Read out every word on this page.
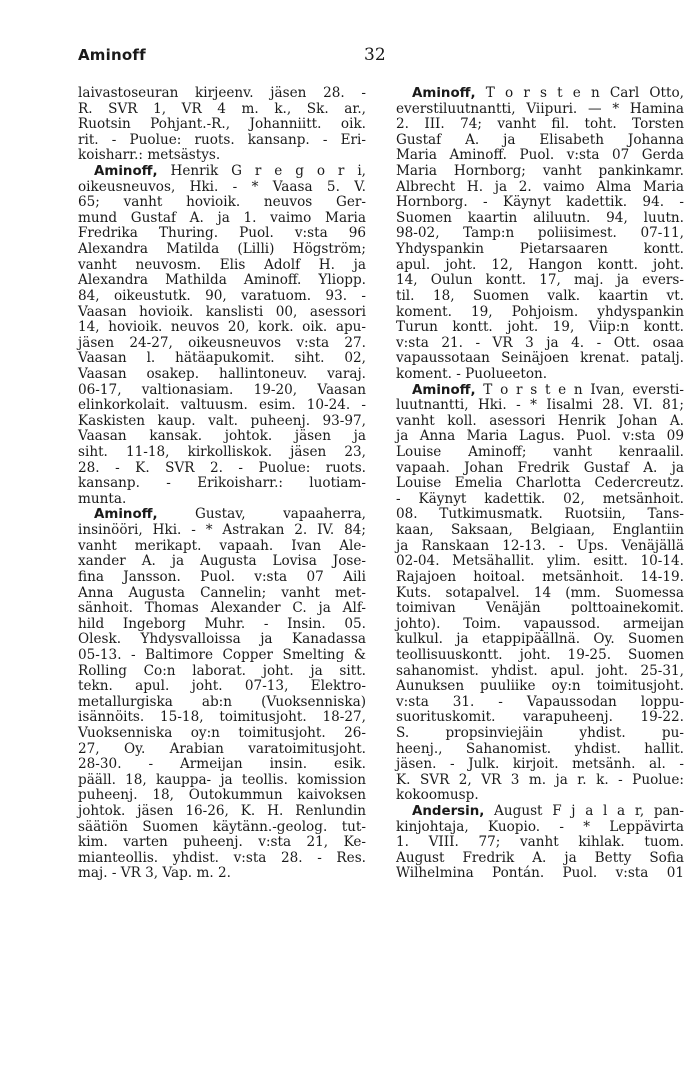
Aminoff	32
laivastoseuran kirjeenv. jäsen 28. -
R. SVR 1, VR 4 m. k., Sk. ar.,
Ruotsin Pohjant.-R., Johanniitt. oik.
rit. - Puolue: ruots. kansanp. - Eri-
koisharr.: metsästys.
Aminoff, Henrik G r e g o r i,
oikeusneuvos, Hki. - * Vaasa 5. V.
65; vanht hovioik. neuvos Ger-
mund Gustaf A. ja 1. vaimo Maria
Fredrika Thuring. Puol. v:sta 96
Alexandra Matilda (Lilli) Högström;
vanht neuvosm. Elis Adolf H. ja
Alexandra Mathilda Aminoff. Yliopp.
84, oikeustutk. 90, varatuom. 93. -
Vaasan hovioik. kanslisti 00, asessori
14, hovioik. neuvos 20, kork. oik. apu-
jäsen 24-27, oikeusneuvos v:sta 27.
Vaasan l. hätäapukomit. siht. 02,
Vaasan osakep. hallintoneuv. varaj.
06-17, valtionasiam. 19-20, Vaasan
elinkorkolait. valtuusm. esim. 10-24. -
Kaskisten kaup. valt. puheenj. 93-97,
Vaasan kansak. johtok. jäsen ja
siht. 11-18, kirkolliskok. jäsen 23,
28. - K. SVR 2. - Puolue: ruots.
kansanp. - Erikoisharr.: luotiam-
munta.
Aminoff, Gustav, vapaaherra,
insinööri, Hki. - * Astrakan 2. IV. 84;
vanht merikapt. vapaah. Ivan Ale-
xander A. ja Augusta Lovisa Jose-
fina Jansson. Puol. v:sta 07 Aili
Anna Augusta Cannelin; vanht met-
sänhoit. Thomas Alexander C. ja Alf-
hild Ingeborg Muhr. - Insin. 05.
Olesk. Yhdysvalloissa ja Kanadassa
05-13. - Baltimore Copper Smelting &
Rolling Co:n laborat. joht. ja sitt.
tekn. apul. joht. 07-13, Elektro-
metallurgiska ab:n (Vuoksenniska)
isännöits. 15-18, toimitusjoht. 18-27,
Vuoksenniska oy:n toimitusjoht. 26-
27, Oy. Arabian varatoimitusjoht.
28-30. - Armeijan insin. esik.
pääll. 18, kauppa- ja teollis. komission
puheenj. 18, Outokummun kaivoksen
johtok. jäsen 16-26, K. H. Renlundin
säätiön Suomen käytänn.-geolog. tut-
kim. varten puheenj. v:sta 21, Ke-
mianteollis. yhdist. v:sta 28. - Res.
maj. - VR 3, Vap. m. 2.
Aminoff, T o r s t e n Carl Otto,
everstiluutnantti, Viipuri. — * Hamina
2. III. 74; vanht fil. toht. Torsten
Gustaf A. ja Elisabeth Johanna
Maria Aminoff. Puol. v:sta 07 Gerda
Maria Hornborg; vanht pankinkamr.
Albrecht H. ja 2. vaimo Alma Maria
Hornborg. - Käynyt kadettik. 94. -
Suomen kaartin aliluutn. 94, luutn.
98-02, Tamp:n poliisimest. 07-11,
Yhdyspankin Pietarsaaren kontt.
apul. joht. 12, Hangon kontt. joht.
14, Oulun kontt. 17, maj. ja evers-
til. 18, Suomen valk. kaartin vt.
koment. 19, Pohjoism. yhdyspankin
Turun kontt. joht. 19, Viip:n kontt.
v:sta 21. - VR 3 ja 4. - Ott. osaa
vapaussotaan Seinäjoen krenat. patalj.
koment. - Puolueeton.
Aminoff, T o r s t e n Ivan, eversti-
luutnantti, Hki. - * Iisalmi 28. VI. 81;
vanht koll. asessori Henrik Johan A.
ja Anna Maria Lagus. Puol. v:sta 09
Louise Aminoff; vanht kenraalil.
vapaah. Johan Fredrik Gustaf A. ja
Louise Emelia Charlotta Cedercreutz.
- Käynyt kadettik. 02, metsänhoit.
08. Tutkimusmatk. Ruotsiin, Tans-
kaan, Saksaan, Belgiaan, Englantiin
ja Ranskaan 12-13. - Ups. Venäjällä
02-04. Metsähallit. ylim. esitt. 10-14.
Rajajoen hoitoal. metsänhoit. 14-19.
Kuts. sotapalvel. 14 (mm. Suomessa
toimivan Venäjän polttoainekomit.
johto). Toim. vapaussod. armeijan
kulkul. ja etappipäällnä. Oy. Suomen
teollisuuskontt. joht. 19-25. Suomen
sahanomist. yhdist. apul. joht. 25-31,
Aunuksen puuliike oy:n toimitusjoht.
v:sta 31. - Vapaussodan loppu-
suorituskomit. varapuheenj. 19-22.
S. propsinviejäin yhdist. pu-
heenj., Sahanomist. yhdist. hallit.
jäsen. - Julk. kirjoit. metsänh. al. -
K. SVR 2, VR 3 m. ja r. k. - Puolue:
kokoomusp.
Andersin, August F j a l a r, pan-
kinjohtaja, Kuopio. - * Leppävirta
1. VIII. 77; vanht kihlak. tuom.
August Fredrik A. ja Betty Sofia
Wilhelmina Pontán. Puol. v:sta 01
